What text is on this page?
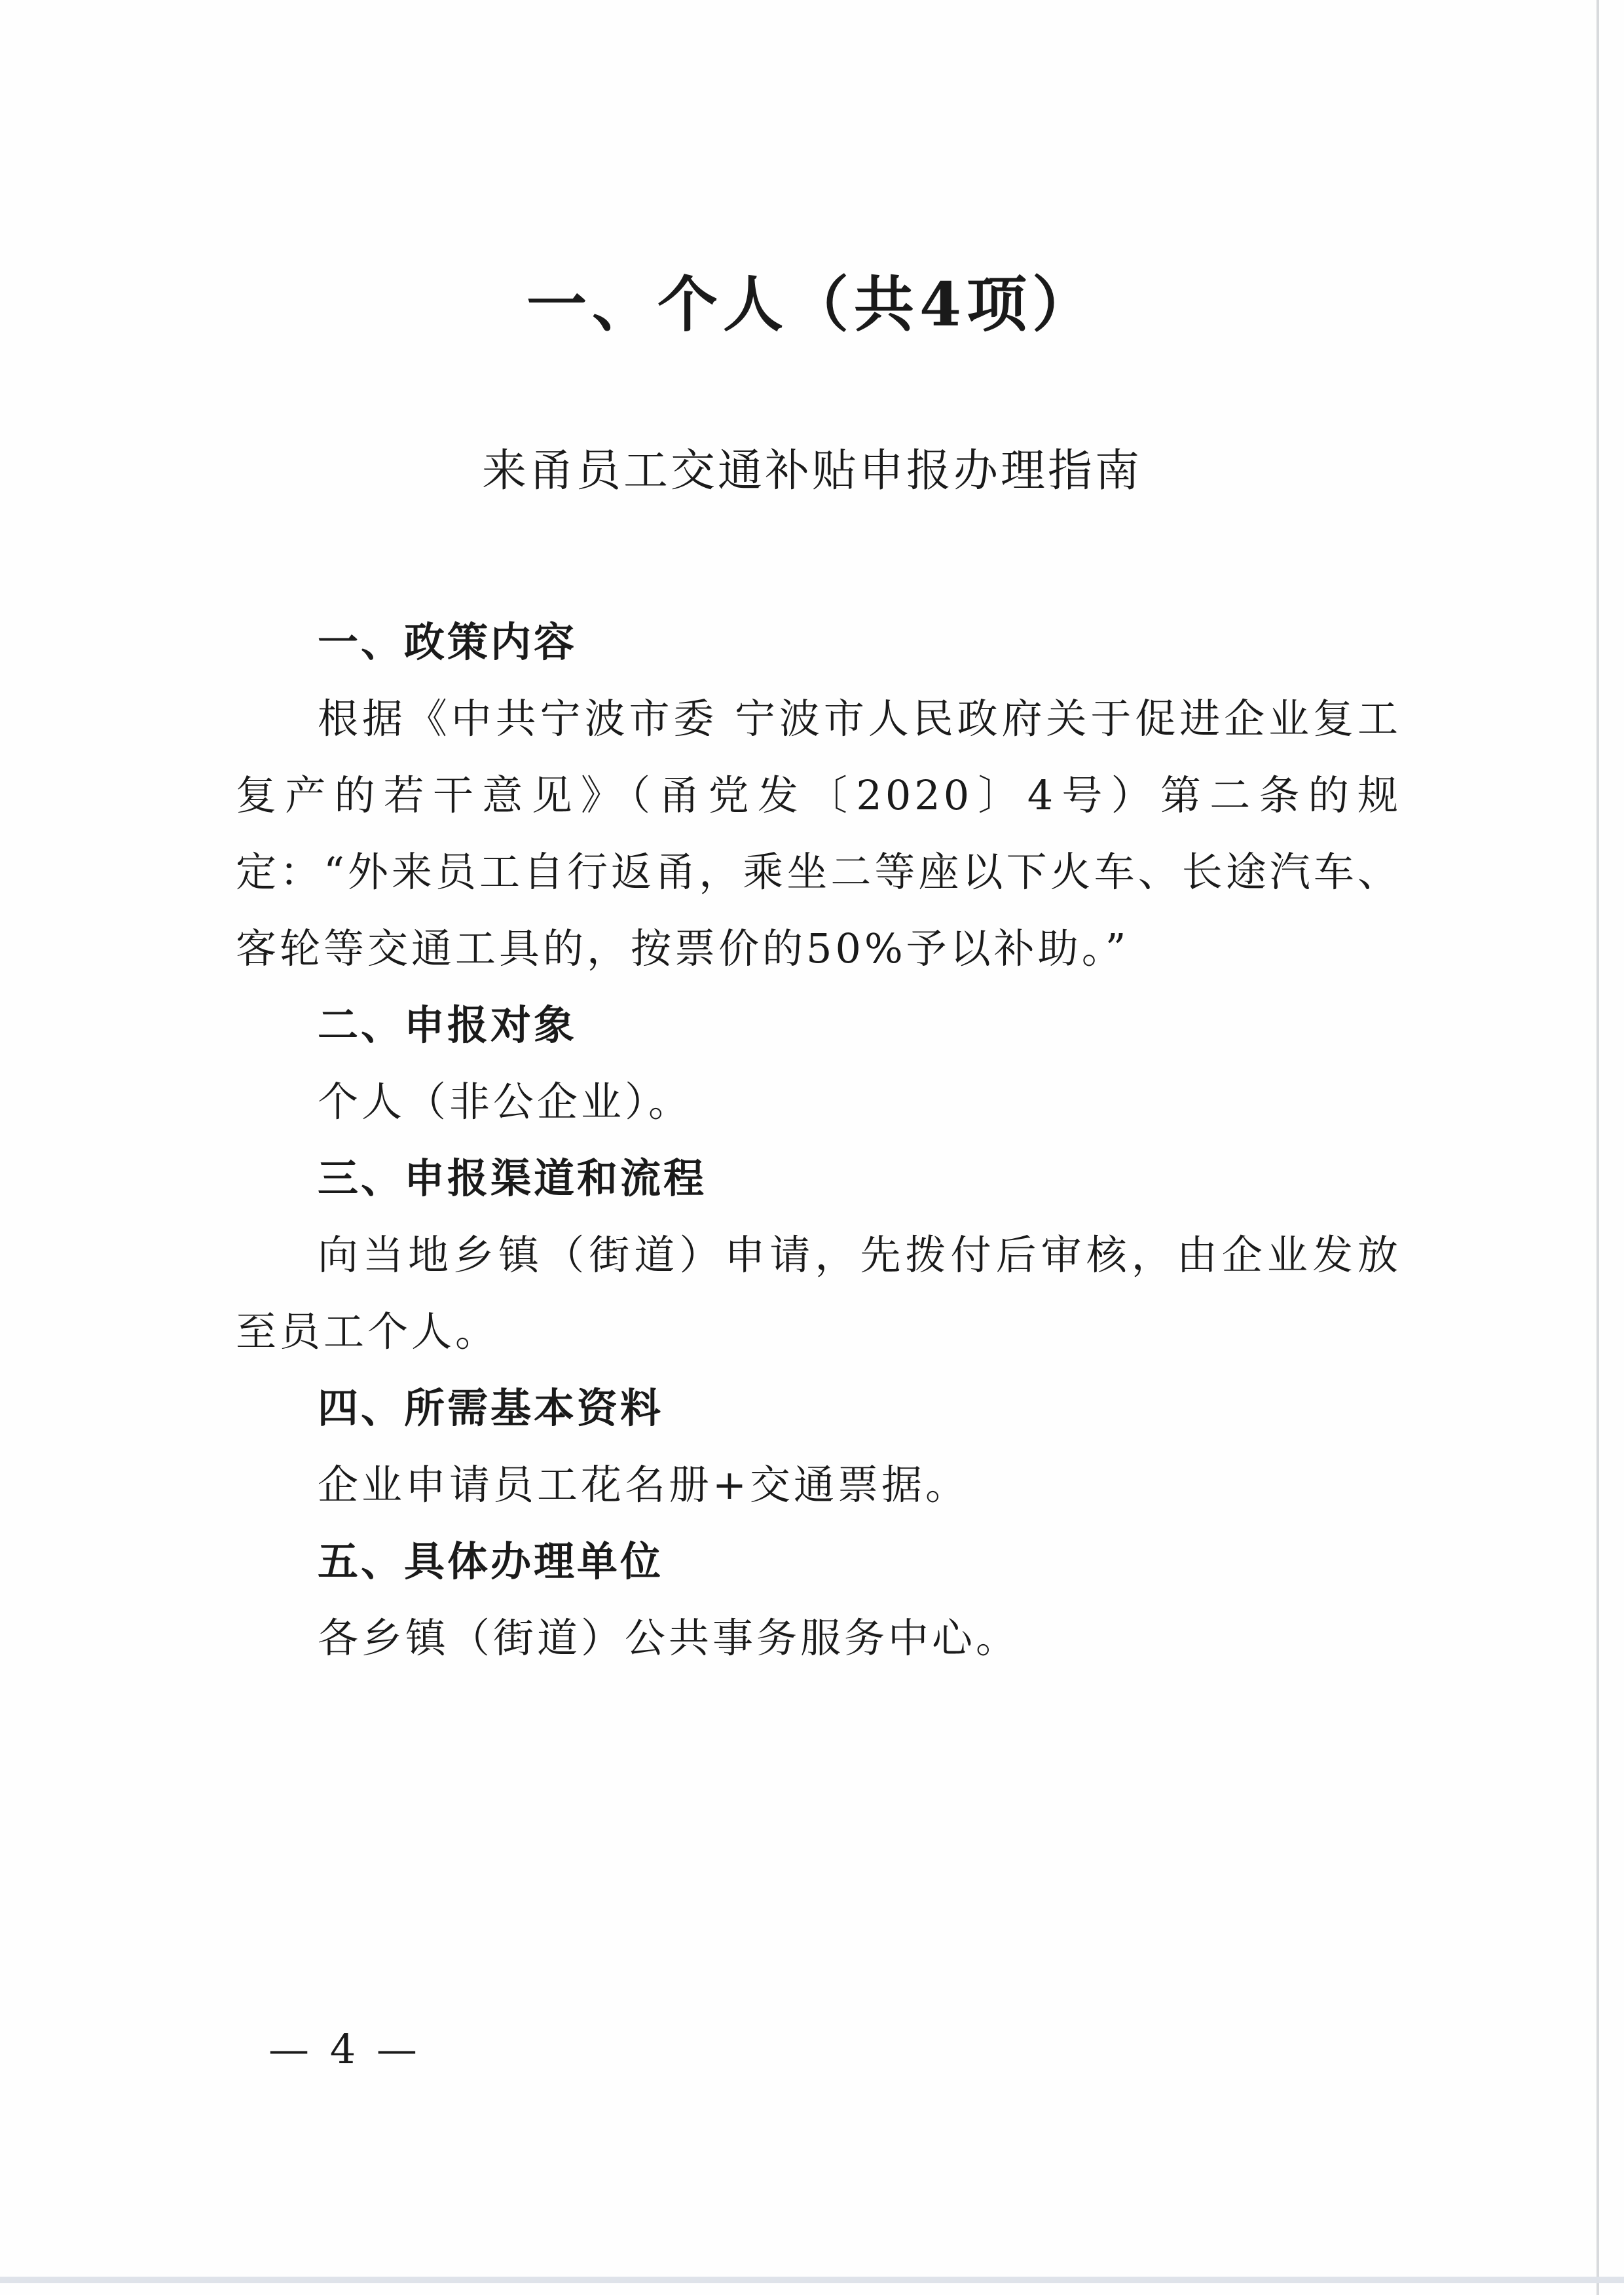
一、个人（共4项）
来甬员工交通补贴申报办理指南

一、政策内容

根据《中共宁波市委 宁波市人民政府关于促进企业复工复产的若干意见》（甬党发〔2020〕4号）第二条的规定：“外来员工自行返甬，乘坐二等座以下火车、长途汽车、客轮等交通工具的，按票价的50%予以补助。”

二、申报对象

个人（非公企业）。

三、申报渠道和流程

向当地乡镇（街道）申请，先拨付后审核，由企业发放至员工个人。

四、所需基本资料

企业申请员工花名册+交通票据。

五、具体办理单位

各乡镇（街道）公共事务服务中心。

— 4 —
